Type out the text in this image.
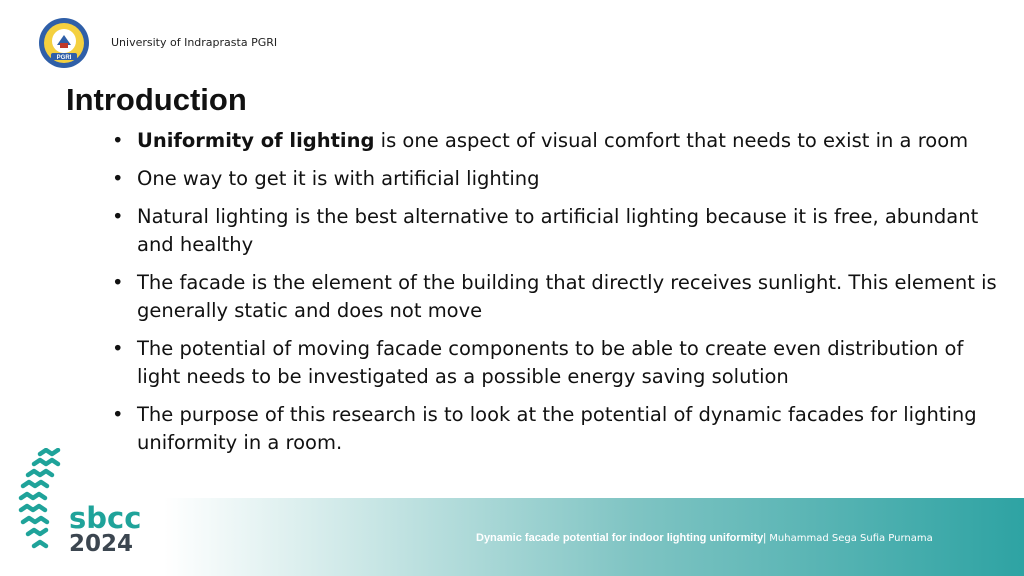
PGRI
University of Indraprasta PGRI
Introduction
• Uniformity of lighting is one aspect of visual comfort that needs to exist in a room
• One way to get it is with artificial lighting
• Natural lighting is the best alternative to artificial lighting because it is free, abundant and healthy
• The facade is the element of the building that directly receives sunlight. This element is generally static and does not move
• The potential of moving facade components to be able to create even distribution of light needs to be investigated as a possible energy saving solution
• The purpose of this research is to look at the potential of dynamic facades for lighting uniformity in a room.
sbcc
2024	Dynamic facade potential for indoor lighting uniformity| Muhammad Sega Sufia Purnama
